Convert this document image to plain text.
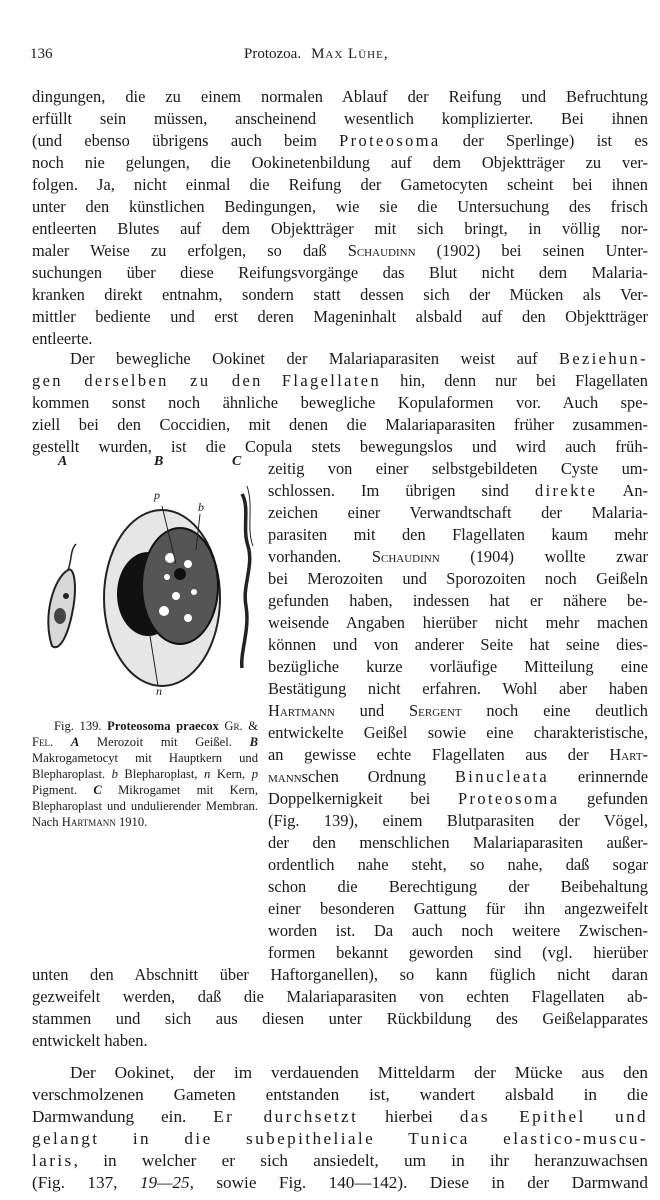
136	Protozoa. Max Lühe,
dingungen, die zu einem normalen Ablauf der Reifung und Befruchtung
erfüllt sein müssen, anscheinend wesentlich komplizierter. Bei ihnen
(und ebenso übrigens auch beim Proteosoma der Sperlinge) ist es
noch nie gelungen, die Ookinetenbildung auf dem Objektträger zu ver-
folgen. Ja, nicht einmal die Reifung der Gametocyten scheint bei ihnen
unter den künstlichen Bedingungen, wie sie die Untersuchung des frisch
entleerten Blutes auf dem Objektträger mit sich bringt, in völlig nor-
maler Weise zu erfolgen, so daß Schaudinn (1902) bei seinen Unter-
suchungen über diese Reifungsvorgänge das Blut nicht dem Malaria-
kranken direkt entnahm, sondern statt dessen sich der Mücken als Ver-
mittler bediente und erst deren Mageninhalt alsbald auf den Objektträger
entleerte.
Der bewegliche Ookinet der Malariaparasiten weist auf Beziehun-
gen derselben zu den Flagellaten hin, denn nur bei Flagellaten
kommen sonst noch ähnliche bewegliche Kopulaformen vor. Auch spe-
ziell bei den Coccidien, mit denen die Malariaparasiten früher zusammen-
gestellt wurden, ist die Copula stets bewegungslos und wird auch früh-
zeitig von einer selbstgebildeten Cyste um-
schlossen. Im übrigen sind direkte An-
zeichen einer Verwandtschaft der Malaria-
parasiten mit den Flagellaten kaum mehr
vorhanden. Schaudinn (1904) wollte zwar
bei Merozoiten und Sporozoiten noch Geißeln
gefunden haben, indessen hat er nähere be-
weisende Angaben hierüber nicht mehr machen
können und von anderer Seite hat seine dies-
bezügliche kurze vorläufige Mitteilung eine
Bestätigung nicht erfahren. Wohl aber haben
Hartmann und Sergent noch eine deutlich
entwickelte Geißel sowie eine charakteristische,
an gewisse echte Flagellaten aus der Hart-
mannschen Ordnung Binucleata erinnernde
Doppelkernigkeit bei Proteosoma gefunden
(Fig. 139), einem Blutparasiten der Vögel,
der den menschlichen Malariaparasiten außer-
ordentlich nahe steht, so nahe, daß sogar
schon die Berechtigung der Beibehaltung
einer besonderen Gattung für ihn angezweifelt
worden ist. Da auch noch weitere Zwischen-
formen bekannt geworden sind (vgl. hierüber
unten den Abschnitt über Haftorganellen), so kann füglich nicht daran
gezweifelt werden, daß die Malariaparasiten von echten Flagellaten ab-
stammen und sich aus diesen unter Rückbildung des Geißelapparates
entwickelt haben.
A	B	C
p
b
n
Fig. 139. Proteosoma praecox Gr. & Fel. A Merozoit mit Geißel. B Makrogametocyt mit Hauptkern und Blepharoplast. b Blepharoplast, n Kern, p Pigment. C Mikrogamet mit Kern, Blepharoplast und undulierender Membran. Nach Hartmann 1910.
Der Ookinet, der im verdauenden Mitteldarm der Mücke aus den
verschmolzenen Gameten entstanden ist, wandert alsbald in die
Darmwandung ein. Er durchsetzt hierbei das Epithel und
gelangt in die subepitheliale Tunica elastico-muscu-
laris, in welcher er sich ansiedelt, um in ihr heranzuwachsen
(Fig. 137, 19—25, sowie Fig. 140—142). Diese in der Darmwand
